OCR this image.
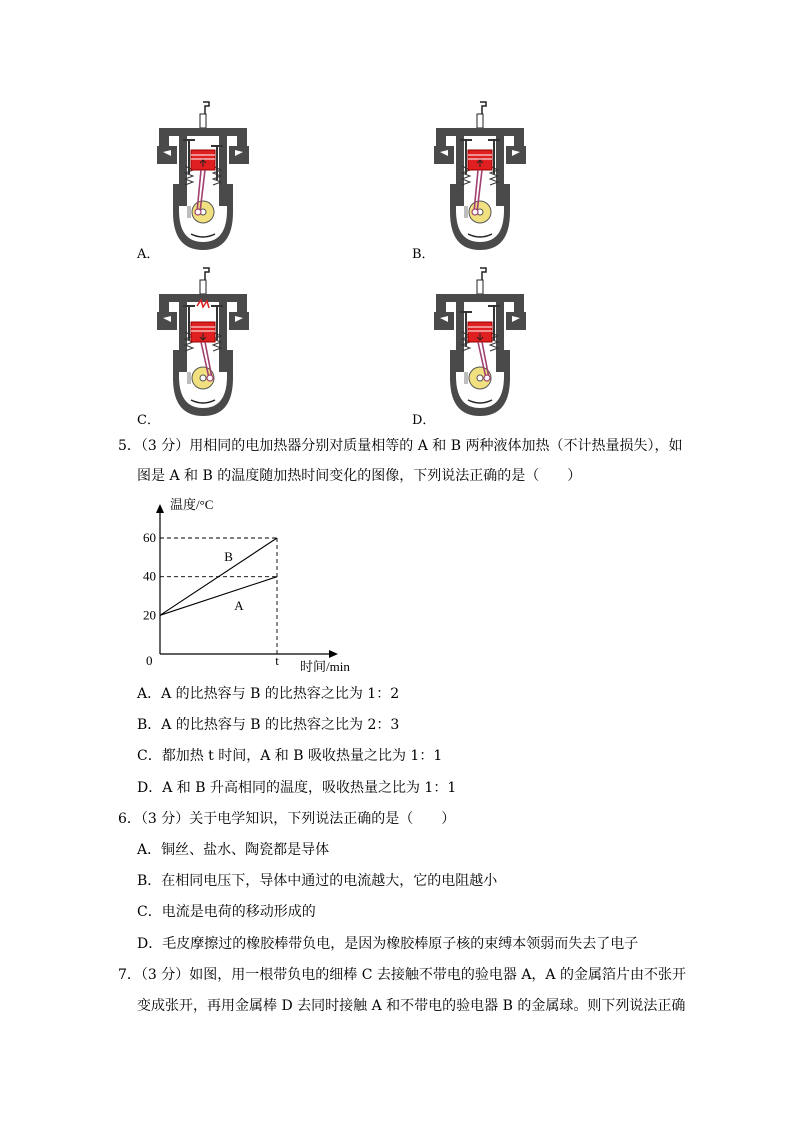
A．	B．
C．	D．
5．（3 分）用相同的电加热器分别对质量相等的 A 和 B 两种液体加热（不计热量损失），如
图是 A 和 B 的温度随加热时间变化的图像，下列说法正确的是（　　）
温度/°C
时间/min
0
20
40
60
t
A
B
A．A 的比热容与 B 的比热容之比为 1：2
B．A 的比热容与 B 的比热容之比为 2：3
C．都加热 t 时间，A 和 B 吸收热量之比为 1：1
D．A 和 B 升高相同的温度，吸收热量之比为 1：1
6．（3 分）关于电学知识，下列说法正确的是（　　）
A．铜丝、盐水、陶瓷都是导体
B．在相同电压下，导体中通过的电流越大，它的电阻越小
C．电流是电荷的移动形成的
D．毛皮摩擦过的橡胶棒带负电，是因为橡胶棒原子核的束缚本领弱而失去了电子
7．（3 分）如图，用一根带负电的细棒 C 去接触不带电的验电器 A，A 的金属箔片由不张开
变成张开，再用金属棒 D 去同时接触 A 和不带电的验电器 B 的金属球。则下列说法正确
